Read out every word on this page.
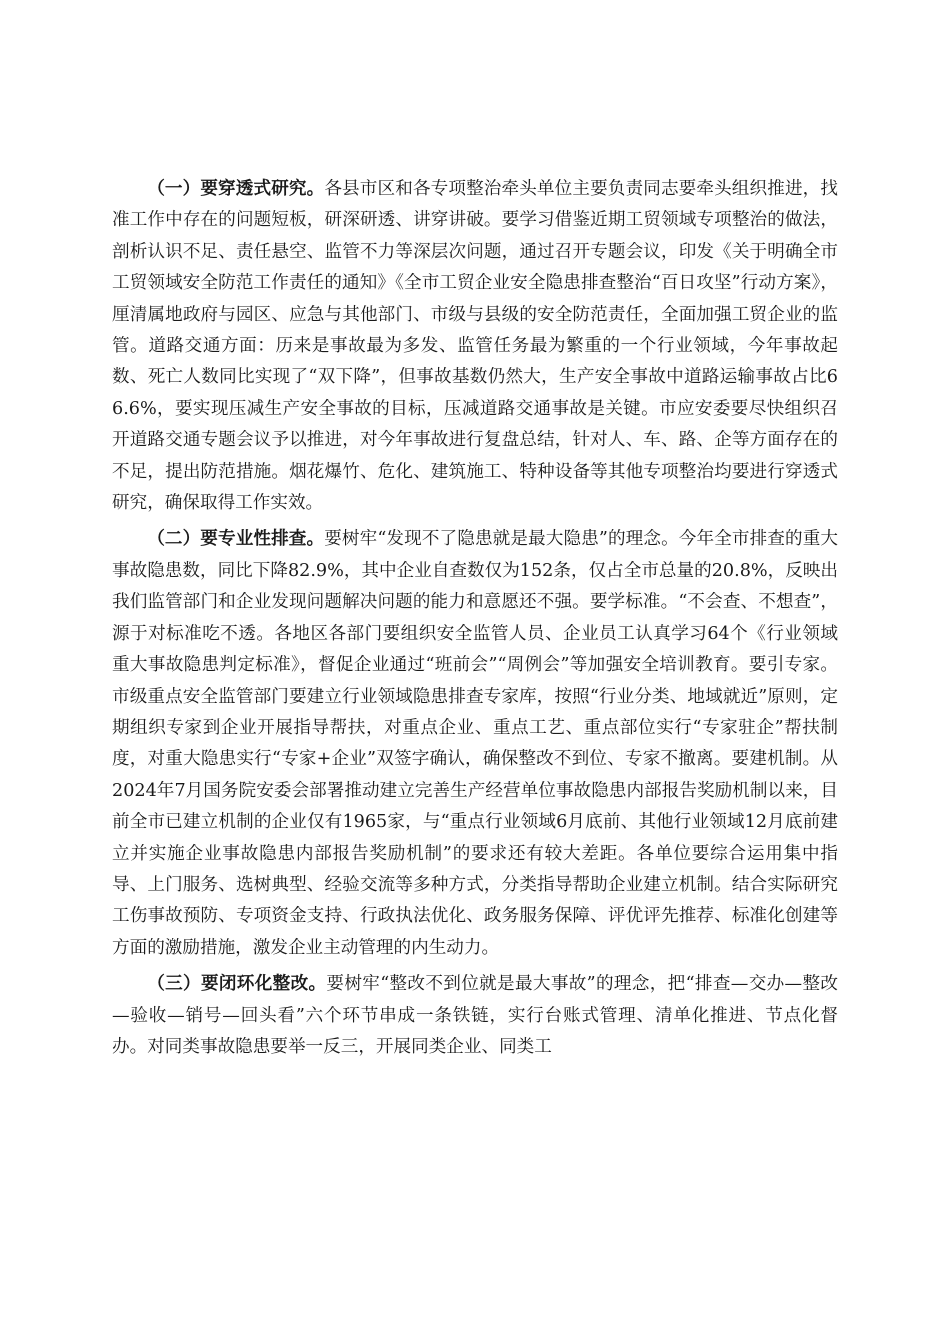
（一）要穿透式研究。各县市区和各专项整治牵头单位主要负责同志要牵头组织推进，找准工作中存在的问题短板，研深研透、讲穿讲破。要学习借鉴近期工贸领域专项整治的做法，剖析认识不足、责任悬空、监管不力等深层次问题，通过召开专题会议，印发《关于明确全市工贸领域安全防范工作责任的通知》《全市工贸企业安全隐患排查整治“百日攻坚”行动方案》，厘清属地政府与园区、应急与其他部门、市级与县级的安全防范责任，全面加强工贸企业的监管。道路交通方面：历来是事故最为多发、监管任务最为繁重的一个行业领域，今年事故起数、死亡人数同比实现了“双下降”，但事故基数仍然大，生产安全事故中道路运输事故占比66.6%，要实现压减生产安全事故的目标，压减道路交通事故是关键。市应安委要尽快组织召开道路交通专题会议予以推进，对今年事故进行复盘总结，针对人、车、路、企等方面存在的不足，提出防范措施。烟花爆竹、危化、建筑施工、特种设备等其他专项整治均要进行穿透式研究，确保取得工作实效。

（二）要专业性排查。要树牢“发现不了隐患就是最大隐患”的理念。今年全市排查的重大事故隐患数，同比下降82.9%，其中企业自查数仅为152条，仅占全市总量的20.8%，反映出我们监管部门和企业发现问题解决问题的能力和意愿还不强。要学标准。“不会查、不想查”，源于对标准吃不透。各地区各部门要组织安全监管人员、企业员工认真学习64个《行业领域重大事故隐患判定标准》，督促企业通过“班前会”“周例会”等加强安全培训教育。要引专家。市级重点安全监管部门要建立行业领域隐患排查专家库，按照“行业分类、地域就近”原则，定期组织专家到企业开展指导帮扶，对重点企业、重点工艺、重点部位实行“专家驻企”帮扶制度，对重大隐患实行“专家+企业”双签字确认，确保整改不到位、专家不撤离。要建机制。从2024年7月国务院安委会部署推动建立完善生产经营单位事故隐患内部报告奖励机制以来，目前全市已建立机制的企业仅有1965家，与“重点行业领域6月底前、其他行业领域12月底前建立并实施企业事故隐患内部报告奖励机制”的要求还有较大差距。各单位要综合运用集中指导、上门服务、选树典型、经验交流等多种方式，分类指导帮助企业建立机制。结合实际研究工伤事故预防、专项资金支持、行政执法优化、政务服务保障、评优评先推荐、标准化创建等方面的激励措施，激发企业主动管理的内生动力。

（三）要闭环化整改。要树牢“整改不到位就是最大事故”的理念，把“排查—交办—整改—验收—销号—回头看”六个环节串成一条铁链，实行台账式管理、清单化推进、节点化督办。对同类事故隐患要举一反三，开展同类企业、同类工
